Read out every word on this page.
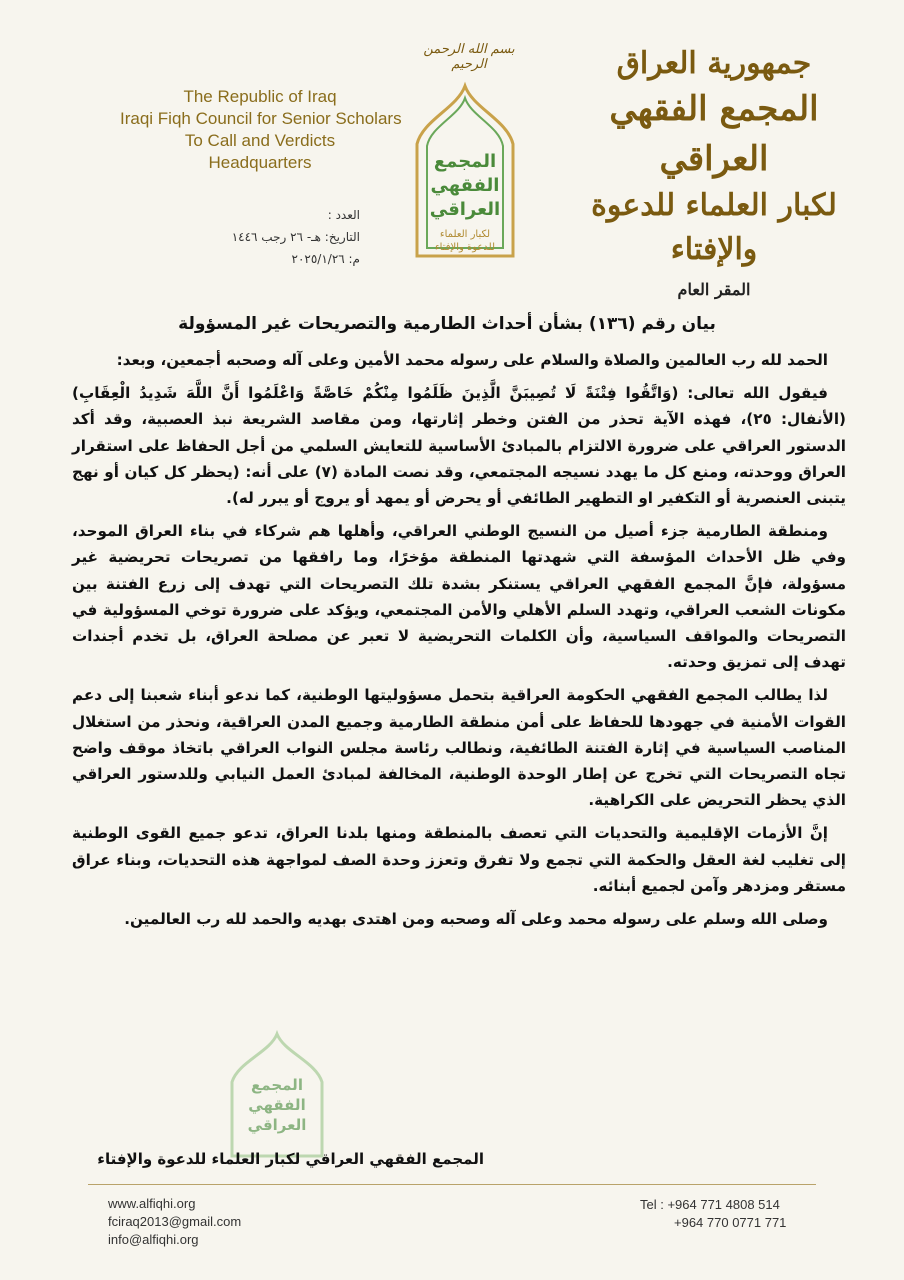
The Republic of Iraq
Iraqi Fiqh Council for Senior Scholars
To Call and Verdicts
Headquarters
بسم الله الرحمن الرحيم
المجمع
الفقهي
العراقي
لكبار العلماء
للدعوة والإفتاء
جمهورية العراق
المجمع الفقهي العراقي
لكبار العلماء للدعوة والإفتاء
المقر العام
العدد :
التاريخ: هـ- ٢٦ رجب ١٤٤٦
م: ٢٠٢٥/١/٢٦
بيان رقم (١٣٦) بشأن أحداث الطارمية والتصريحات غير المسؤولة
المجمع
الفقهي
العراقي

الحمد لله رب العالمين والصلاة والسلام على رسوله محمد الأمين وعلى آله وصحبه أجمعين، وبعد:

فيقول الله تعالى: (وَاتَّقُوا فِتْنَةً لَا تُصِيبَنَّ الَّذِينَ ظَلَمُوا مِنْكُمْ خَاصَّةً وَاعْلَمُوا أَنَّ اللَّهَ شَدِيدُ الْعِقَابِ) (الأنفال: ٢٥)، فهذه الآية تحذر من الفتن وخطر إثارتها، ومن مقاصد الشريعة نبذ العصبية، وقد أكد الدستور العراقي على ضرورة الالتزام بالمبادئ الأساسية للتعايش السلمي من أجل الحفاظ على استقرار العراق ووحدته، ومنع كل ما يهدد نسيجه المجتمعي، وقد نصت المادة (٧) على أنه: (يحظر كل كيان أو نهج يتبنى العنصرية أو التكفير او التطهير الطائفي أو يحرض أو يمهد أو يروج أو يبرر له).

ومنطقة الطارمية جزء أصيل من النسيج الوطني العراقي، وأهلها هم شركاء في بناء العراق الموحد، وفي ظل الأحداث المؤسفة التي شهدتها المنطقة مؤخرًا، وما رافقها من تصريحات تحريضية غير مسؤولة، فإنَّ المجمع الفقهي العراقي يستنكر بشدة تلك التصريحات التي تهدف إلى زرع الفتنة بين مكونات الشعب العراقي، وتهدد السلم الأهلي والأمن المجتمعي، ويؤكد على ضرورة توخي المسؤولية في التصريحات والمواقف السياسية، وأن الكلمات التحريضية لا تعبر عن مصلحة العراق، بل تخدم أجندات تهدف إلى تمزيق وحدته.

لذا يطالب المجمع الفقهي الحكومة العراقية بتحمل مسؤوليتها الوطنية، كما ندعو أبناء شعبنا إلى دعم القوات الأمنية في جهودها للحفاظ على أمن منطقة الطارمية وجميع المدن العراقية، ونحذر من استغلال المناصب السياسية في إثارة الفتنة الطائفية، ونطالب رئاسة مجلس النواب العراقي باتخاذ موقف واضح تجاه التصريحات التي تخرج عن إطار الوحدة الوطنية، المخالفة لمبادئ العمل النيابي وللدستور العراقي الذي يحظر التحريض على الكراهية.

إنَّ الأزمات الإقليمية والتحديات التي تعصف بالمنطقة ومنها بلدنا العراق، تدعو جميع القوى الوطنية إلى تغليب لغة العقل والحكمة التي تجمع ولا تفرق وتعزز وحدة الصف لمواجهة هذه التحديات، وبناء عراق مستقر ومزدهر وآمن لجميع أبنائه.

وصلى الله وسلم على رسوله محمد وعلى آله وصحبه ومن اهتدى بهديه والحمد لله رب العالمين.

المجمع الفقهي العراقي لكبار العلماء للدعوة والإفتاء
www.alfiqhi.org
fciraq2013@gmail.com
info@alfiqhi.org
Tel : +964 771 4808 514
+964 770 0771 771
